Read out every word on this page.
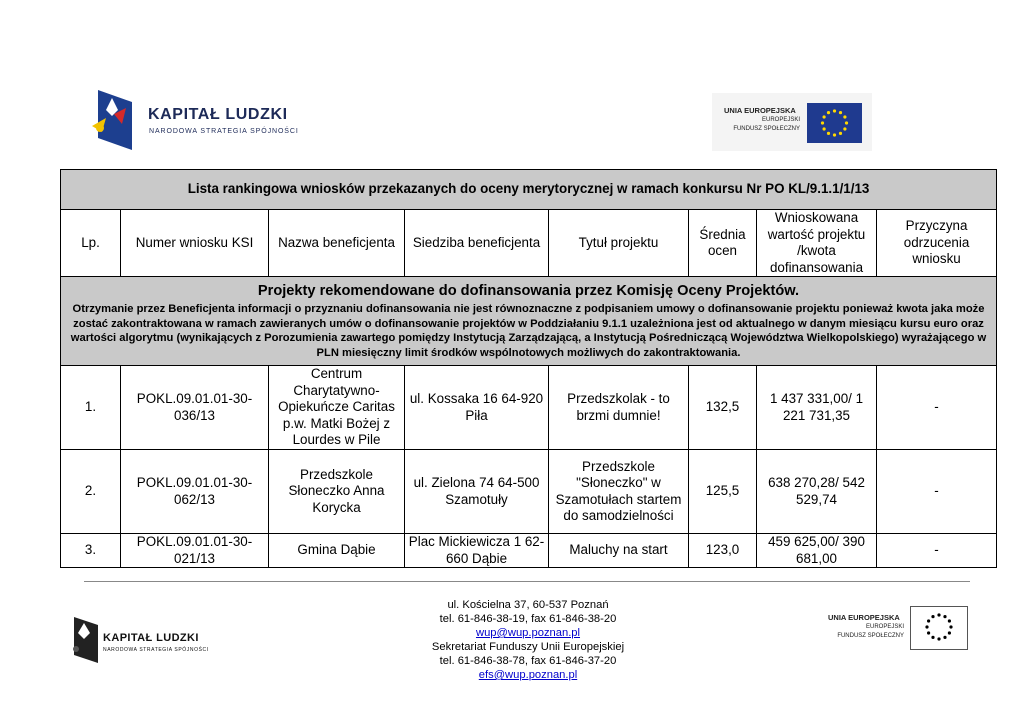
KAPITAŁ LUDZKI
NARODOWA STRATEGIA SPÓJNOŚCI
UNIA EUROPEJSKA
EUROPEJSKI
FUNDUSZ SPOŁECZNY
Lista rankingowa wniosków przekazanych do oceny merytorycznej w ramach konkursu Nr PO KL/9.1.1/1/13							
Lp.	Numer wniosku KSI	Nazwa beneficjenta	Siedziba beneficjenta	Tytuł projektu	Średnia ocen	Wnioskowana wartość projektu /kwota dofinansowania	Przyczyna odrzucenia wniosku

Projekty rekomendowane do dofinansowania przez Komisję Oceny Projektów.
Otrzymanie przez Beneficjenta informacji o przyznaniu dofinansowania nie jest równoznaczne z podpisaniem umowy o dofinansowanie projektu ponieważ kwota jaka może zostać zakontraktowana w ramach zawieranych umów o dofinansowanie projektów w Poddziałaniu 9.1.1 uzależniona jest od aktualnego w danym miesiącu kursu euro oraz wartości algorytmu (wynikających z Porozumienia zawartego pomiędzy Instytucją Zarządzającą, a Instytucją Pośredniczącą Województwa Wielkopolskiego) wyrażającego w PLN miesięczny limit środków wspólnotowych możliwych do zakontraktowania.							

1.	POKL.09.01.01-30-036/13	Centrum Charytatywno-Opiekuńcze Caritas p.w. Matki Bożej z Lourdes w Pile	ul. Kossaka 16 64-920 Piła	Przedszkolak - to brzmi dumnie!	132,5	1 437 331,00/ 1 221 731,35	-
2.	POKL.09.01.01-30-062/13	Przedszkole Słoneczko Anna Korycka	ul. Zielona 74 64-500 Szamotuły	Przedszkole "Słoneczko" w Szamotułach startem do samodzielności	125,5	638 270,28/ 542 529,74	-
3.	POKL.09.01.01-30-021/13	Gmina Dąbie	Plac Mickiewicza 1 62-660 Dąbie	Maluchy na start	123,0	459 625,00/ 390 681,00	-
ul. Kościelna 37, 60-537 Poznań
tel. 61-846-38-19, fax 61-846-38-20
wup@wup.poznan.pl
Sekretariat Funduszy Unii Europejskiej
tel. 61-846-38-78, fax 61-846-37-20
efs@wup.poznan.pl
KAPITAŁ LUDZKI
NARODOWA STRATEGIA SPÓJNOŚCI
UNIA EUROPEJSKA
EUROPEJSKI
FUNDUSZ SPOŁECZNY
